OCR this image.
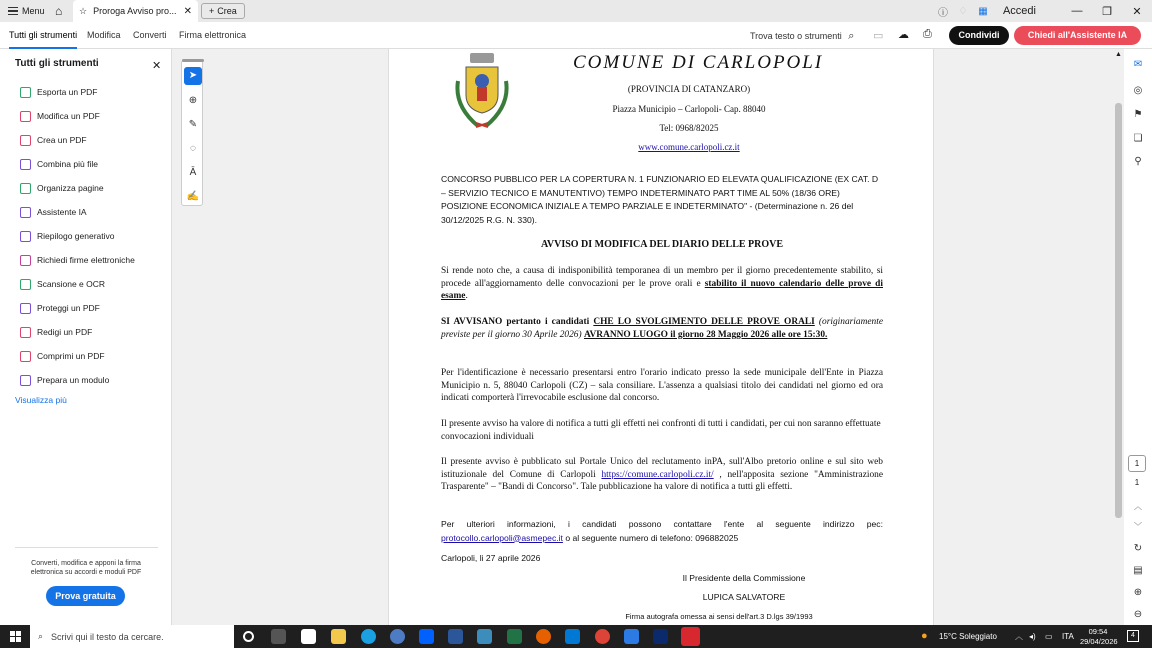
Menu ⌂ ☆ Proroga Avviso pro... ✕ + Crea	ⓘ	♢	▦	Accedi	—	❐	✕
Tutti gli strumenti Modifica Converti Firma elettronica	Trova testo o strumenti ⌕ ▭ ☁ ⎙	Condividi	Chiedi all'Assistente IA
Tutti gli strumenti	✕
Esporta un PDF
Modifica un PDF
Crea un PDF
Combina più file
Organizza pagine
Assistente IA
Riepilogo generativo
Richiedi firme elettroniche
Scansione e OCR
Proteggi un PDF
Redigi un PDF
Comprimi un PDF
Prepara un modulo
Visualizza più
Converti, modifica e apponi la firma elettronica su accordi e moduli PDF
Prova gratuita
➤
⊕
✎
◌
Ā
✍
COMUNE DI CARLOPOLI
(PROVINCIA DI CATANZARO)
Piazza Municipio – Carlopoli- Cap. 88040
Tel: 0968/82025
www.comune.carlopoli.cz.it
CONCORSO PUBBLICO PER LA COPERTURA N. 1 FUNZIONARIO ED ELEVATA QUALIFICAZIONE (EX CAT. D – SERVIZIO TECNICO E MANUTENTIVO) TEMPO INDETERMINATO PART TIME AL 50% (18/36 ORE) POSIZIONE ECONOMICA INIZIALE A TEMPO PARZIALE E INDETERMINATO" - (Determinazione n. 26 del 30/12/2025 R.G. N. 330).
AVVISO DI MODIFICA DEL DIARIO DELLE PROVE
Si rende noto che, a causa di indisponibilità temporanea di un membro per il giorno precedentemente stabilito, si procede all'aggiornamento delle convocazioni per le prove orali e stabilito il nuovo calendario delle prove di esame.
SI AVVISANO pertanto i candidati CHE LO SVOLGIMENTO DELLE PROVE ORALI (originariamente previste per il giorno 30 Aprile 2026) AVRANNO LUOGO il giorno 28 Maggio 2026 alle ore 15:30.
Per l'identificazione è necessario presentarsi entro l'orario indicato presso la sede municipale dell'Ente in Piazza Municipio n. 5, 88040 Carlopoli (CZ) – sala consiliare. L'assenza a qualsiasi titolo dei candidati nel giorno ed ora indicati comporterà l'irrevocabile esclusione dal concorso.
Il presente avviso ha valore di notifica a tutti gli effetti nei confronti di tutti i candidati, per cui non saranno effettuate convocazioni individuali
Il presente avviso è pubblicato sul Portale Unico del reclutamento inPA, sull'Albo pretorio online e sul sito web istituzionale del Comune di Carlopoli https://comune.carlopoli.cz.it/ , nell'apposita sezione "Amministrazione Trasparente" – "Bandi di Concorso". Tale pubblicazione ha valore di notifica a tutti gli effetti.
Per ulteriori informazioni, i candidati possono contattare l'ente al seguente indirizzo pec: protocollo.carlopoli@asmepec.it o al seguente numero di telefono: 096882025
Carlopoli, li 27 aprile 2026
Il Presidente della Commissione
LUPICA SALVATORE
Firma autografa omessa ai sensi dell'art.3 D.lgs 39/1993
▲
✉
◎
⚑
❏
⚲
︿
﹀
↻
▤
⊕
⊖
1
1
⌕ Scrivi qui il testo da cercare.	● 15°C Soleggiato ︿ ◂) ▭ ITA
09:54
29/04/2026
4
